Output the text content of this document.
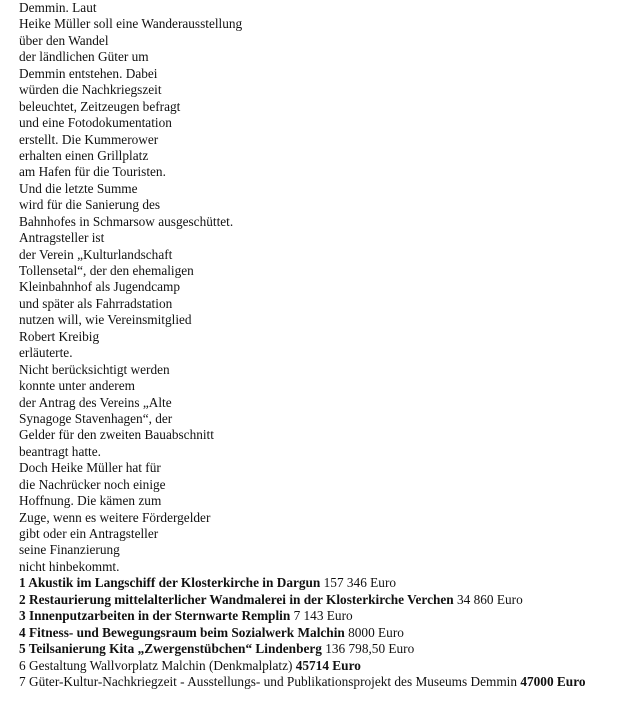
Demmin. Laut
Heike Müller soll eine Wanderausstellung
über den Wandel
der ländlichen Güter um
Demmin entstehen. Dabei
würden die Nachkriegszeit
beleuchtet, Zeitzeugen befragt
und eine Fotodokumentation
erstellt. Die Kummerower
erhalten einen Grillplatz
am Hafen für die Touristen.
Und die letzte Summe
wird für die Sanierung des
Bahnhofes in Schmarsow ausgeschüttet.
Antragsteller ist
der Verein „Kulturlandschaft
Tollensetal“, der den ehemaligen
Kleinbahnhof als Jugendcamp
und später als Fahrradstation
nutzen will, wie Vereinsmitglied
Robert Kreibig
erläuterte.
Nicht berücksichtigt werden
konnte unter anderem
der Antrag des Vereins „Alte
Synagoge Stavenhagen“, der
Gelder für den zweiten Bauabschnitt
beantragt hatte.
Doch Heike Müller hat für
die Nachrücker noch einige
Hoffnung. Die kämen zum
Zuge, wenn es weitere Fördergelder
gibt oder ein Antragsteller
seine Finanzierung
nicht hinbekommt.
1 Akustik im Langschiff der Klosterkirche in Dargun 157 346 Euro
2 Restaurierung mittelalterlicher Wandmalerei in der Klosterkirche Verchen 34 860 Euro
3 Innenputzarbeiten in der Sternwarte Remplin 7 143 Euro
4 Fitness- und Bewegungsraum beim Sozialwerk Malchin 8000 Euro
5 Teilsanierung Kita „Zwergenstübchen“ Lindenberg 136 798,50 Euro
6 Gestaltung Wallvorplatz Malchin (Denkmalplatz) 45714 Euro
7 Güter-Kultur-Nachkriegzeit - Ausstellungs- und Publikationsprojekt des Museums Demmin 47000 Euro
